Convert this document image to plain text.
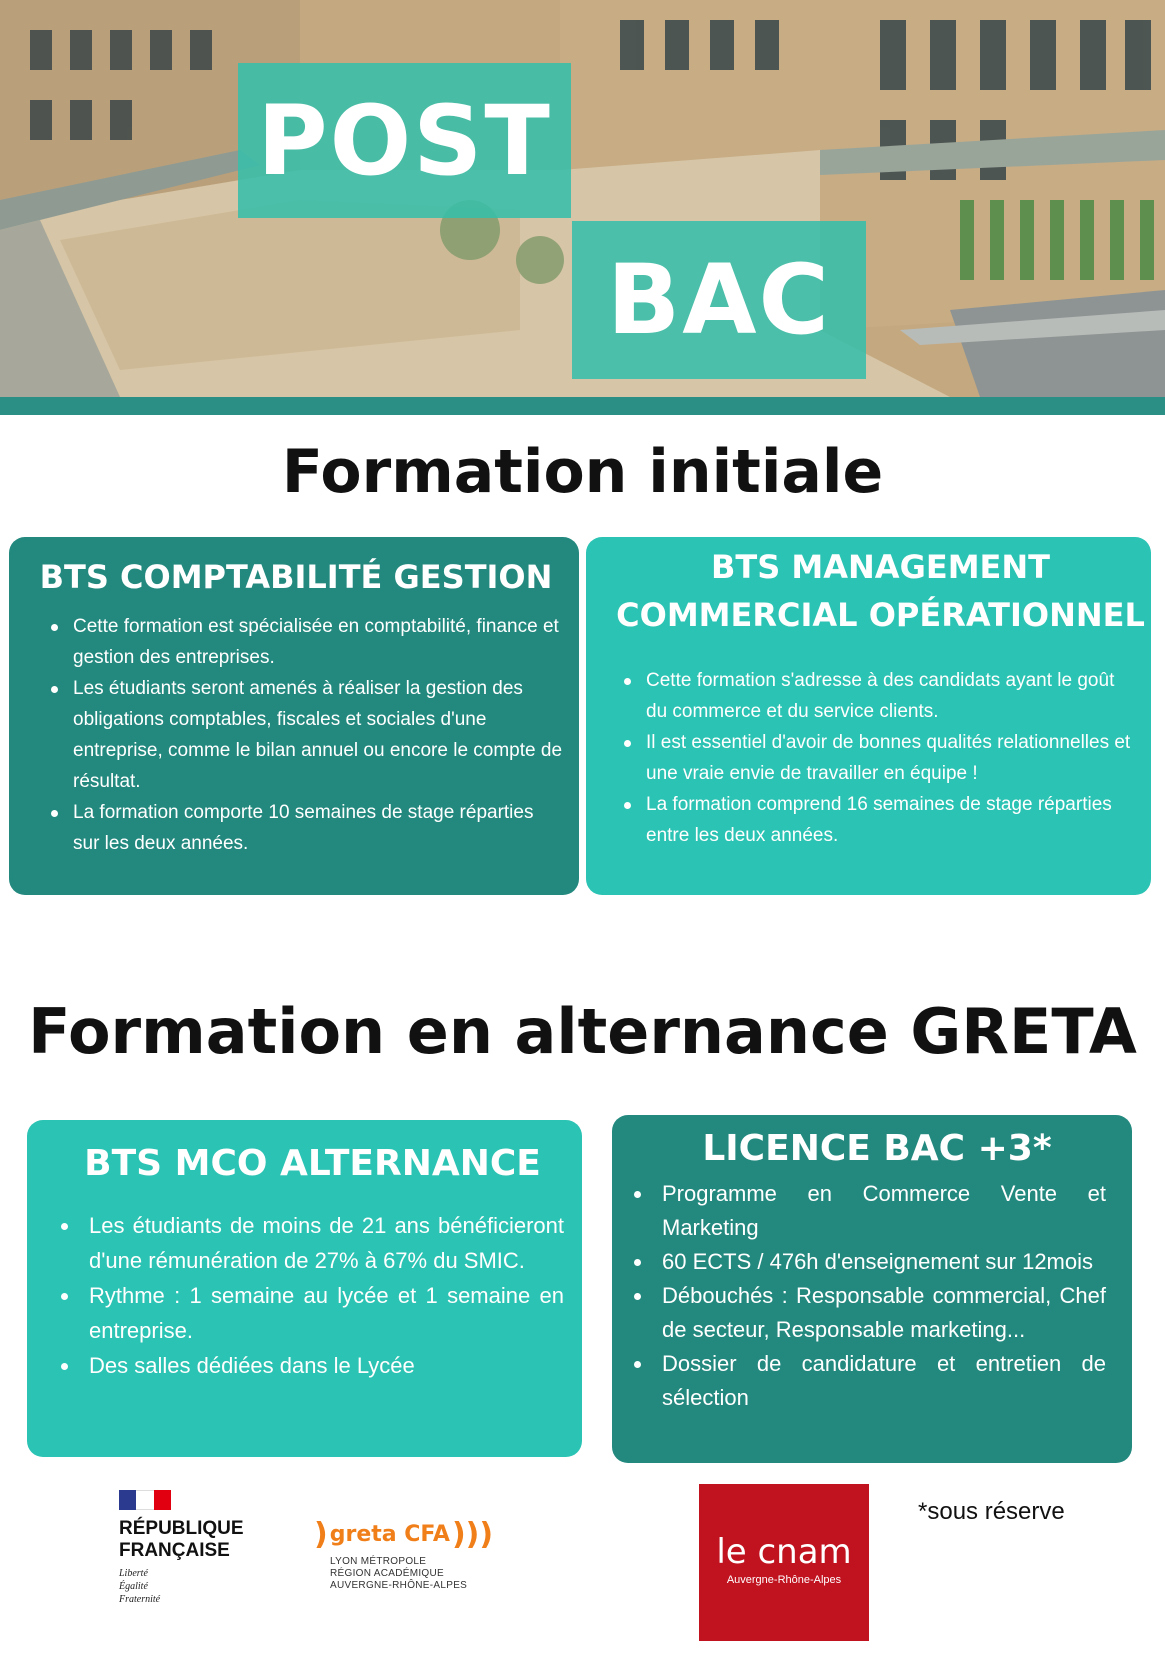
POST
BAC
Formation initiale
BTS COMPTABILITÉ GESTION
Cette formation est spécialisée en comptabilité, finance et gestion des entreprises.
Les étudiants seront amenés à réaliser la gestion des obligations comptables, fiscales et sociales d'une entreprise, comme le bilan annuel ou encore le compte de résultat.
La formation comporte 10 semaines de stage réparties sur les deux années.
BTS MANAGEMENT
COMMERCIAL OPÉRATIONNEL
Cette formation s'adresse à des candidats ayant le goût du commerce et du service clients.
Il est essentiel d'avoir de bonnes qualités relationnelles et une vraie envie de travailler en équipe !
La formation comprend 16 semaines de stage réparties entre les deux années.
Formation en alternance GRETA
BTS MCO ALTERNANCE
Les étudiants de moins de 21 ans bénéficieront d'une rémunération de 27% à 67% du SMIC.
Rythme : 1 semaine au lycée et 1 semaine en entreprise.
Des salles dédiées dans le Lycée
LICENCE BAC +3*
Programme en Commerce Vente et Marketing
60 ECTS / 476h d'enseignement sur 12mois
Débouchés : Responsable commercial, Chef de secteur, Responsable marketing...
Dossier de candidature et entretien de sélection
RÉPUBLIQUE
FRANÇAISE
Liberté
Égalité
Fraternité
) greta CFA )))
LYON MÉTROPOLE
RÉGION ACADÉMIQUE
AUVERGNE-RHÔNE-ALPES
le cnam
Auvergne-Rhône-Alpes
*sous réserve
